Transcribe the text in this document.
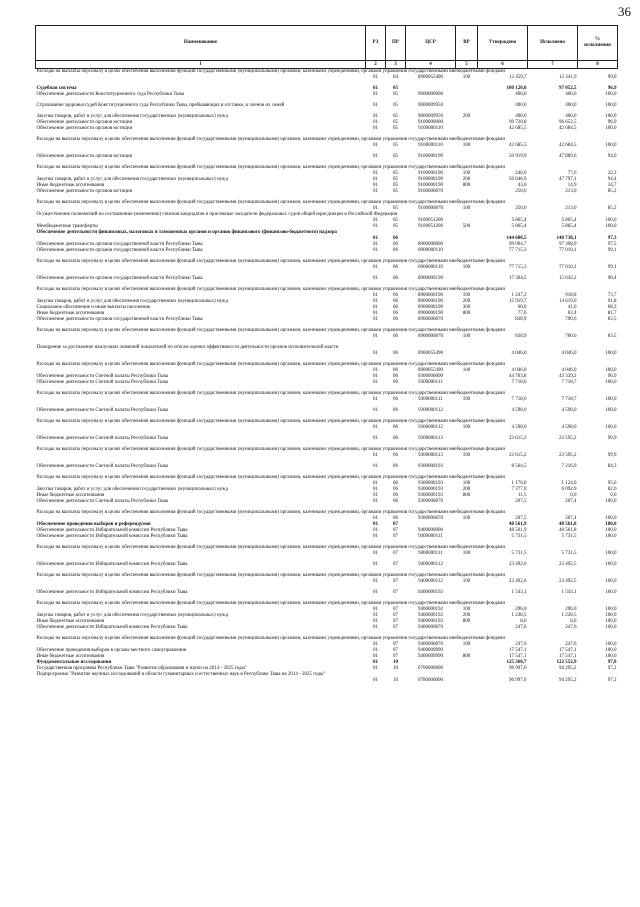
36
Наименование	РЗ	ПР	ЦСР	ВР	Утверждено	Исполнено	%
исполнения
1	2	3	4	5	6	7	8
Расходы на выплаты персоналу в целях обеспечения выполнения функций государственными (муниципальными) органами, казенными учреждениями, органами управления государственными внебюджетными фондами	01	04	8900055490	100	12 459,7	12 341,0	99,0

Судебная система	01	05			100 120,8	97 052,5	96,9
Обеспечение деятельности Конституционного суда Республики Тыва	01	05	9000000000		400,0	400,0	100,0

Страхование здоровья судей Конституционного суда Республики Тыва, пребывающих в отставке, и членов их семей	01	05	9000009950		400,0	400,0	100,0

Закупка товаров, работ и услуг для обеспечения государственных (муниципальных) нужд	01	05	9000009950	200	400,0	400,0	100,0
Обеспечение деятельности органов юстиции	01	05	9100000000		99 720,8	96 652,5	96,9
Обеспечение деятельности органов юстиции	01	05	9100000110		42 685,5	42 684,5	100,0

Расходы на выплаты персоналу в целях обеспечения выполнения функций государственными (муниципальными) органами, казенными учреждениями, органами управления государственными внебюджетными фондами	01	05	9100000110	100	42 685,5	42 684,5	100,0

Обеспечение деятельности органов юстиции	01	05	9100000190		50 919,9	47 889,6	94,0

Расходы на выплаты персоналу в целях обеспечения выполнения функций государственными (муниципальными) органами, казенными учреждениями, органами управления государственными внебюджетными фондами	01	05	9100000190	100	240,0	77,6	32,3
Закупка товаров, работ и услуг для обеспечения государственных (муниципальных) нужд	01	05	9100000190	200	50 646,9	47 797,1	94,4
Иные бюджетные ассигнования	01	05	9100000190	800	43,0	14,9	34,7
Обеспечение деятельности органов юстиции	01	05	9100000870		250,0	213,0	85,2

Расходы на выплаты персоналу в целях обеспечения выполнения функций государственными (муниципальными) органами, казенными учреждениями, органами управления государственными внебюджетными фондами	01	05	9100000870	100	250,0	213,0	85,2
Осуществление полномочий по составлению (изменению) списков кандидатов в присяжные заседатели федеральных судов общей юрисдикции в Российской Федерации	01	05	9100051200		5 865,4	5 865,4	100,0
Межбюджетные трансферты	01	05	9100051200	500	5 865,4	5 865,4	100,0
Обеспечение деятельности финансовых, налоговых и таможенных органов и органов финансового (финансово-бюджетного) надзора	01	06			144 608,5	140 738,1	97,3
Обеспечение деятельности органов государственной власти Республики Тыва	01	06	8900000000		99 904,7	97 398,9	97,5
Обеспечение деятельности органов государственной власти Республики Тыва	01	06	8900000110		77 715,3	77 010,1	99,1

Расходы на выплаты персоналу в целях обеспечения выполнения функций государственными (муниципальными) органами, казенными учреждениями, органами управления государственными внебюджетными фондами	01	06	8900000110	100	77 715,3	77 010,1	99,1

Обеспечение деятельности органов государственной власти Республики Тыва	01	06	8900000190		17 304,5	15 642,2	90,4

Расходы на выплаты персоналу в целях обеспечения выполнения функций государственными (муниципальными) органами, казенными учреждениями, органами управления государственными внебюджетными фондами	01	06	8900000190	100	1 247,2	918,8	73,7
Закупка товаров, работ и услуг для обеспечения государственных (муниципальных) нужд	01	06	8900000190	200	15 919,7	14 619,0	91,8
Социальное обеспечение и иные выплаты населению	01	06	8900000190	300	60,0	41,0	68,3
Иные бюджетные ассигнования	01	06	8900000190	800	77,6	63,4	81,7
Обеспечение деятельности органов государственной власти Республики Тыва	01	06	8900000870		838,9	700,6	83,5

Расходы на выплаты персоналу в целях обеспечения выполнения функций государственными (муниципальными) органами, казенными учреждениями, органами управления государственными внебюджетными фондами	01	06	8900000870	100	838,9	700,6	83,5

Поощрение за достижение наилучших значений показателей по итогам оценки эффективности деятельности органов исполнительной власти	01	06	8900055490		4 046,0	4 046,0	100,0

Расходы на выплаты персоналу в целях обеспечения выполнения функций государственными (муниципальными) органами, казенными учреждениями, органами управления государственными внебюджетными фондами	01	06	8900055490	100	4 046,0	4 046,0	100,0
Обеспечение деятельности Счетной палаты Республики Тыва	01	06	9300000000		44 703,8	43 339,2	96,9
Обеспечение деятельности Счетной палаты Республики Тыва	01	06	9300000111		7 718,6	7 718,7	100,0

Расходы на выплаты персоналу в целях обеспечения выполнения функций государственными (муниципальными) органами, казенными учреждениями, органами управления государственными внебюджетными фондами	01	06	9300000111	100	7 718,6	7 718,7	100,0

Обеспечение деятельности Счетной палаты Республики Тыва	01	06	9300000112		4 598,0	4 598,0	100,0

Расходы на выплаты персоналу в целях обеспечения выполнения функций государственными (муниципальными) органами, казенными учреждениями, органами управления государственными внебюджетными фондами	01	06	9300000112	100	4 598,0	4 598,0	100,0

Обеспечение деятельности Счетной палаты Республики Тыва	01	06	9300000113		23 615,2	23 595,2	99,9

Расходы на выплаты персоналу в целях обеспечения выполнения функций государственными (муниципальными) органами, казенными учреждениями, органами управления государственными внебюджетными фондами	01	06	9300000113	100	23 615,2	23 595,2	99,9

Обеспечение деятельности Счетной палаты Республики Тыва	01	06	9300000193		8 564,5	7 216,9	84,3

Расходы на выплаты персоналу в целях обеспечения выполнения функций государственными (муниципальными) органами, казенными учреждениями, органами управления государственными внебюджетными фондами	01	06	9300000193	100	1 176,0	1 124,0	95,6
Закупка товаров, работ и услуг для обеспечения государственных (муниципальных) нужд	01	06	9300000193	200	7 377,0	6 092,9	82,6
Иные бюджетные ассигнования	01	06	9300000193	800	11,5	0,0	0,0
Обеспечение деятельности Счетной палаты Республики Тыва	01	06	9300000870		207,5	207,4	100,0

Расходы на выплаты персоналу в целях обеспечения выполнения функций государственными (муниципальными) органами, казенными учреждениями, органами управления государственными внебюджетными фондами	01	06	9300000870	100	207,5	207,4	100,0
Обеспечение проведения выборов и референдумов	01	07			48 561,9	48 561,8	100,0
Обеспечение деятельности Избирательной комиссии Республики Тыва	01	07	9400000000		48 561,9	48 561,8	100,0
Обеспечение деятельности Избирательной комиссии Республики Тыва	01	07	9400000111		5 731,5	5 731,5	100,0

Расходы на выплаты персоналу в целях обеспечения выполнения функций государственными (муниципальными) органами, казенными учреждениями, органами управления государственными внебюджетными фондами	01	07	9400000111	100	5 731,5	5 731,5	100,0

Обеспечение деятельности Избирательной комиссии Республики Тыва	01	07	9400000112		23 492,6	23 492,5	100,0

Расходы на выплаты персоналу в целях обеспечения выполнения функций государственными (муниципальными) органами, казенными учреждениями, органами управления государственными внебюджетными фондами	01	07	9400000112	100	23 492,6	23 492,5	100,0

Обеспечение деятельности Избирательной комиссии Республики Тыва	01	07	9400000192		1 543,1	1 543,1	100,0

Расходы на выплаты персоналу в целях обеспечения выполнения функций государственными (муниципальными) органами, казенными учреждениями, органами управления государственными внебюджетными фондами	01	07	9400000192	100	296,0	296,0	100,0
Закупка товаров, работ и услуг для обеспечения государственных (муниципальных) нужд	01	07	9400000192	200	1 238,5	1 238,5	100,0
Иные бюджетные ассигнования	01	07	9400000192	800	8,6	8,6	100,0
Обеспечение деятельности Избирательной комиссии Республики Тыва	01	07	9400000870		247,6	247,6	100,0

Расходы на выплаты персоналу в целях обеспечения выполнения функций государственными (муниципальными) органами, казенными учреждениями, органами управления государственными внебюджетными фондами	01	07	9400000870	100	247,6	247,6	100,0
Обеспечение проведения выборов в органы местного самоуправления	01	07	9400009990		17 547,1	17 547,1	100,0
Иные бюджетные ассигнования	01	07	9400009990	800	17 547,1	17 547,1	100,0
Фундаментальные исследования	01	10			125 360,7	122 552,9	97,8
Государственная программа Республики Тыва "Развитие образования и науки на 2014 - 2025 годы"	01	10	0700000000		96 997,0	94 295,2	97,2
Подпрограмма "Развитие научных исследований в области гуманитарных и естественных наук в Республике Тыва на 2014 - 2025 годы"	01	10	0780000000		96 997,0	94 295,2	97,2
